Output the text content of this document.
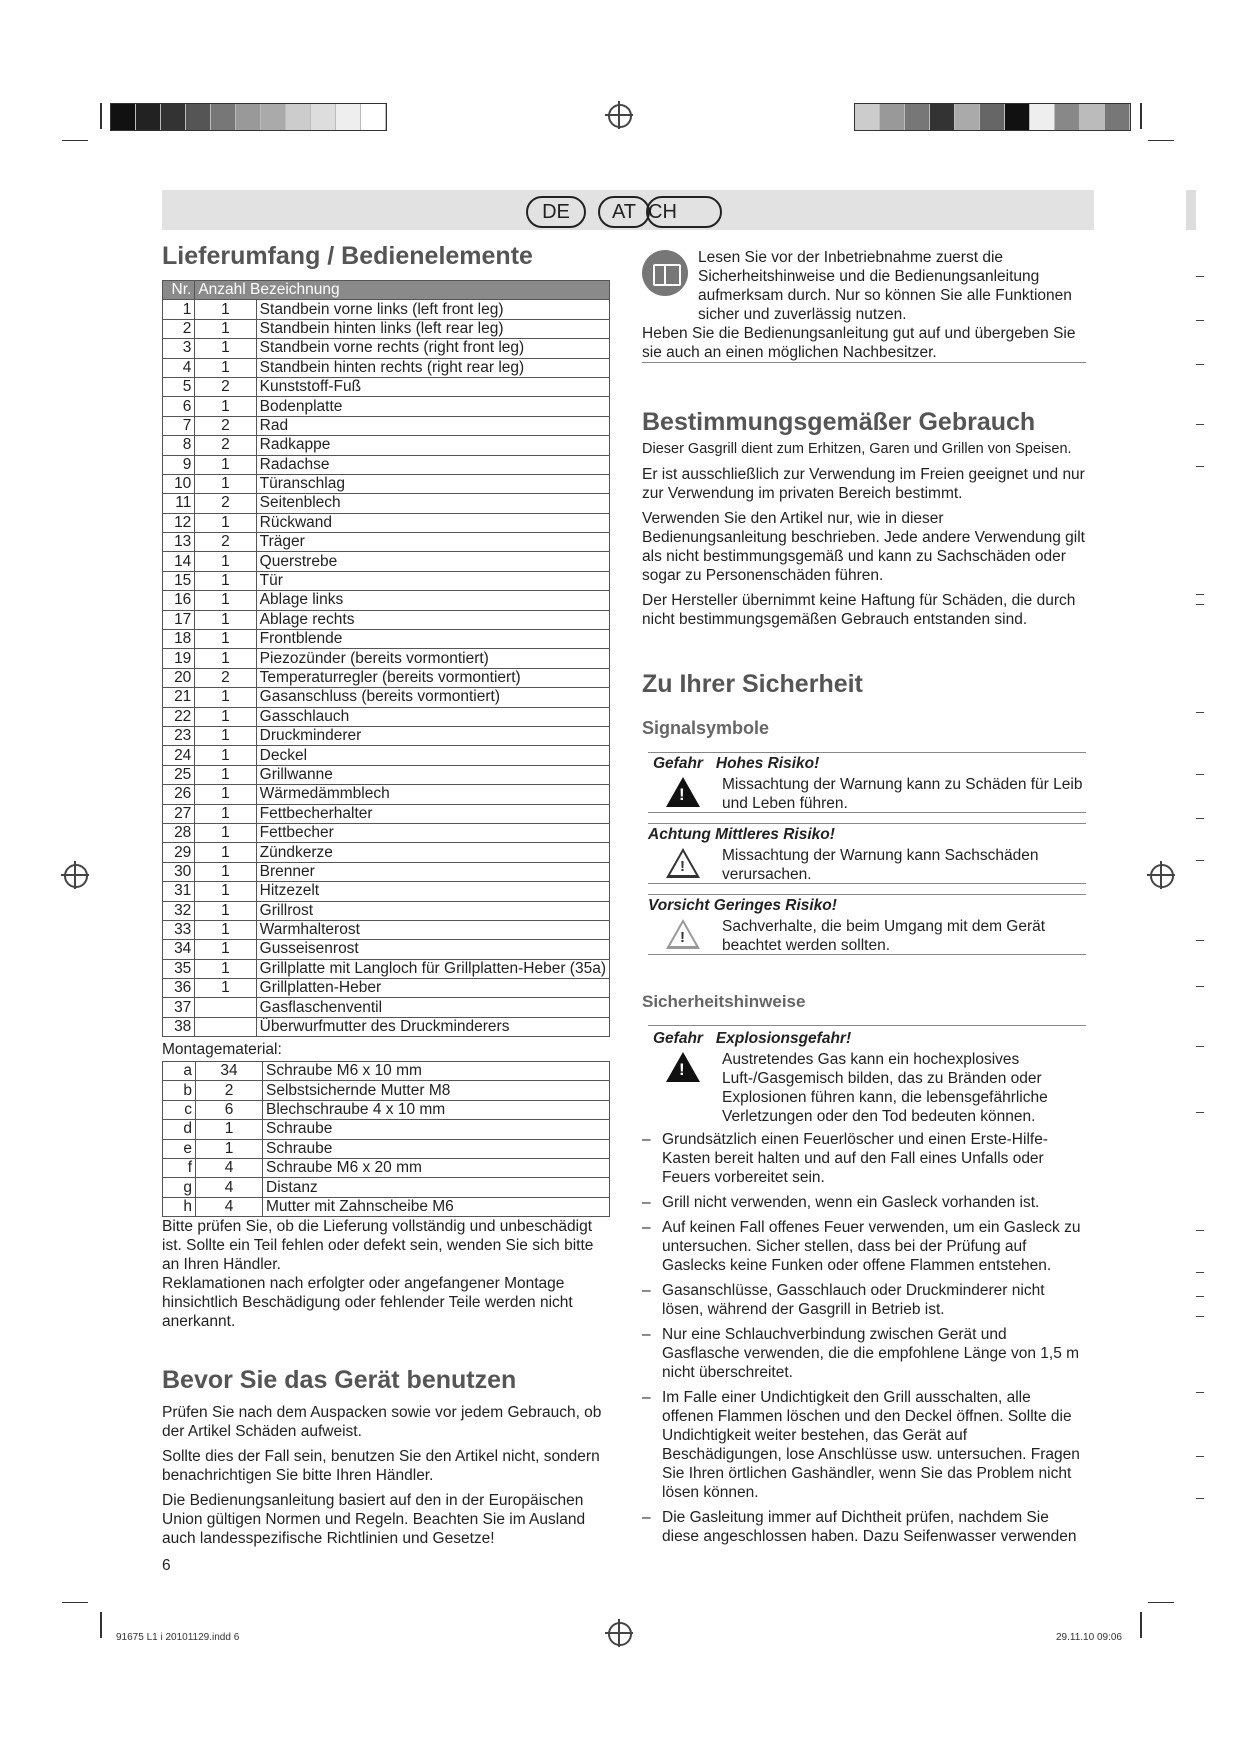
DE	AT CH
Lieferumfang / Bedienelemente
Nr.	Anzahl Bezeichnung	
1	1	Standbein vorne links (left front leg)
2	1	Standbein hinten links (left rear leg)
3	1	Standbein vorne rechts (right front leg)
4	1	Standbein hinten rechts (right rear leg)
5	2	Kunststoff-Fuß
6	1	Bodenplatte
7	2	Rad
8	2	Radkappe
9	1	Radachse
10	1	Türanschlag
11	2	Seitenblech
12	1	Rückwand
13	2	Träger
14	1	Querstrebe
15	1	Tür
16	1	Ablage links
17	1	Ablage rechts
18	1	Frontblende
19	1	Piezozünder (bereits vormontiert)
20	2	Temperaturregler (bereits vormontiert)
21	1	Gasanschluss (bereits vormontiert)
22	1	Gasschlauch
23	1	Druckminderer
24	1	Deckel
25	1	Grillwanne
26	1	Wärmedämmblech
27	1	Fettbecherhalter
28	1	Fettbecher
29	1	Zündkerze
30	1	Brenner
31	1	Hitzezelt
32	1	Grillrost
33	1	Warmhalterost
34	1	Gusseisenrost
35	1	Grillplatte mit Langloch für Grillplatten-Heber (35a)
36	1	Grillplatten-Heber
37		Gasflaschenventil
38		Überwurfmutter des Druckminderers
Montagematerial:
a	34	Schraube M6 x 10 mm
b	2	Selbstsichernde Mutter M8
c	6	Blechschraube 4 x 10 mm
d	1	Schraube
e	1	Schraube
f	4	Schraube M6 x 20 mm
g	4	Distanz
h	4	Mutter mit Zahnscheibe M6
Bitte prüfen Sie, ob die Lieferung vollständig und unbeschädigt ist. Sollte ein Teil fehlen oder defekt sein, wenden Sie sich bitte an Ihren Händler.
Reklamationen nach erfolgter oder angefangener Montage hinsichtlich Beschädigung oder fehlender Teile werden nicht anerkannt.
Bevor Sie das Gerät benutzen

Prüfen Sie nach dem Auspacken sowie vor jedem Gebrauch, ob der Artikel Schäden aufweist.

Sollte dies der Fall sein, benutzen Sie den Artikel nicht, sondern benachrichtigen Sie bitte Ihren Händler.

Die Bedienungsanleitung basiert auf den in der Europäischen Union gültigen Normen und Regeln. Beachten Sie im Ausland auch landesspezifische Richtlinien und Gesetze!

6
Lesen Sie vor der Inbetriebnahme zuerst die Sicherheitshinweise und die Bedienungsanleitung aufmerksam durch. Nur so können Sie alle Funktionen sicher und zuverlässig nutzen.
Heben Sie die Bedienungsanleitung gut auf und übergeben Sie sie auch an einen möglichen Nachbesitzer.
Bestimmungsgemäßer Gebrauch

Dieser Gasgrill dient zum Erhitzen, Garen und Grillen von Speisen.

Er ist ausschließlich zur Verwendung im Freien geeignet und nur zur Verwendung im privaten Bereich bestimmt.

Verwenden Sie den Artikel nur, wie in dieser Bedienungsanleitung beschrieben. Jede andere Verwendung gilt als nicht bestimmungsgemäß und kann zu Sachschäden oder sogar zu Personenschäden führen.

Der Hersteller übernimmt keine Haftung für Schäden, die durch nicht bestimmungsgemäßen Gebrauch entstanden sind.

Zu Ihrer Sicherheit
Signalsymbole
Gefahr Hohes Risiko!
!
Missachtung der Warnung kann zu Schäden für Leib und Leben führen.
Achtung Mittleres Risiko!
!
Missachtung der Warnung kann Sachschäden verursachen.
Vorsicht Geringes Risiko!
!
Sachverhalte, die beim Umgang mit dem Gerät beachtet werden sollten.
Sicherheitshinweise
Gefahr Explosionsgefahr!
!
Austretendes Gas kann ein hochexplosives Luft-/Gasgemisch bilden, das zu Bränden oder Explosionen führen kann, die lebensgefährliche Verletzungen oder den Tod bedeuten können.
– Grundsätzlich einen Feuerlöscher und einen Erste-Hilfe-Kasten bereit halten und auf den Fall eines Unfalls oder Feuers vorbereitet sein.
– Grill nicht verwenden, wenn ein Gasleck vorhanden ist.
– Auf keinen Fall offenes Feuer verwenden, um ein Gasleck zu untersuchen. Sicher stellen, dass bei der Prüfung auf Gaslecks keine Funken oder offene Flammen entstehen.
– Gasanschlüsse, Gasschlauch oder Druckminderer nicht lösen, während der Gasgrill in Betrieb ist.
– Nur eine Schlauchverbindung zwischen Gerät und Gasflasche verwenden, die die empfohlene Länge von 1,5 m nicht überschreitet.
– Im Falle einer Undichtigkeit den Grill ausschalten, alle offenen Flammen löschen und den Deckel öffnen. Sollte die Undichtigkeit weiter bestehen, das Gerät auf Beschädigungen, lose Anschlüsse usw. untersuchen. Fragen Sie Ihren örtlichen Gashändler, wenn Sie das Problem nicht lösen können.
– Die Gasleitung immer auf Dichtheit prüfen, nachdem Sie diese angeschlossen haben. Dazu Seifenwasser verwenden
91675 L1 i 20101129.indd 6	29.11.10 09:06
